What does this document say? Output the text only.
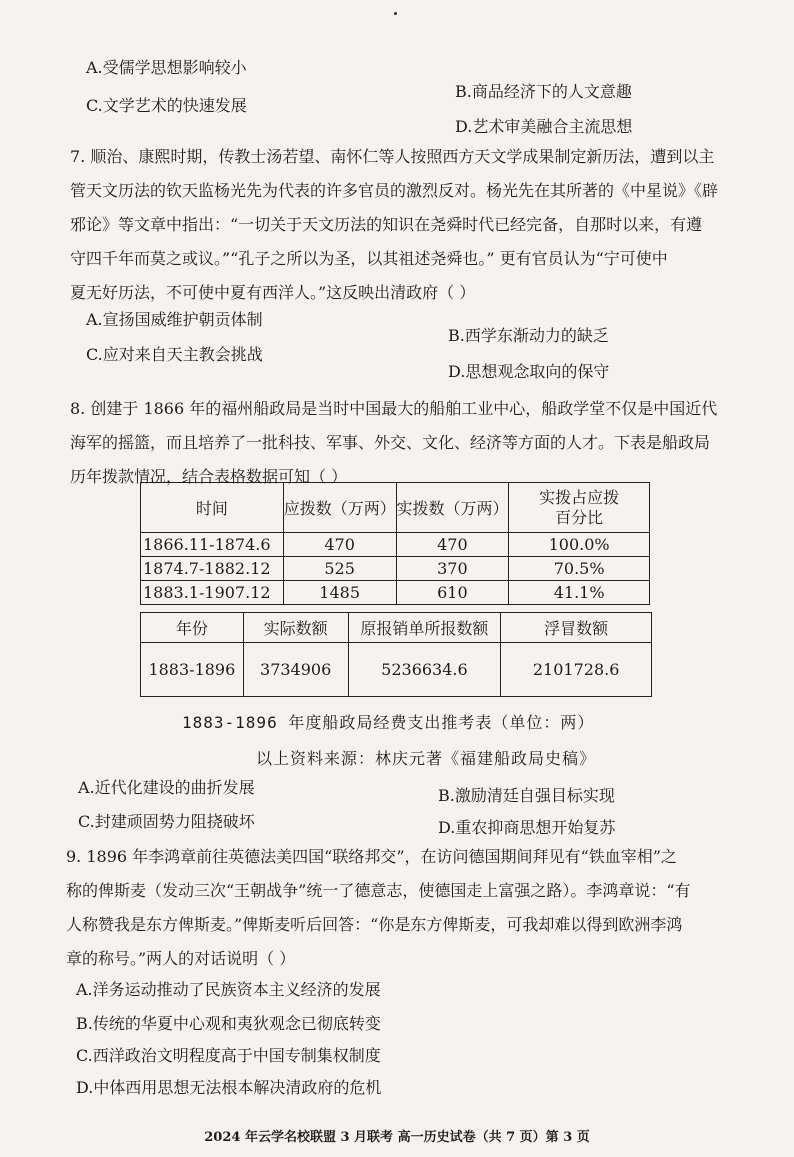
A.受儒学思想影响较小
B.商品经济下的人文意趣
C.文学艺术的快速发展
D.艺术审美融合主流思想
7. 顺治、康熙时期，传教士汤若望、南怀仁等人按照西方天文学成果制定新历法，遭到以主
管天文历法的钦天监杨光先为代表的许多官员的激烈反对。杨光先在其所著的《中星说》《辟
邪论》等文章中指出：“一切关于天文历法的知识在尧舜时代已经完备，自那时以来，有遵
守四千年而莫之或议。”“孔子之所以为圣，以其祖述尧舜也。” 更有官员认为“宁可使中
夏无好历法，不可使中夏有西洋人。”这反映出清政府（ ）
A.宣扬国威维护朝贡体制
B.西学东渐动力的缺乏
C.应对来自天主教会挑战
D.思想观念取向的保守
8. 创建于 1866 年的福州船政局是当时中国最大的船舶工业中心，船政学堂不仅是中国近代
海军的摇篮，而且培养了一批科技、军事、外交、文化、经济等方面的人才。下表是船政局
历年拨款情况，结合表格数据可知（ ）
时间	应拨数（万两）	实拨数（万两）	实拨占应拨
百分比

1866.11-1874.6	470	470	100.0%
1874.7-1882.12	525	370	70.5%
1883.1-1907.12	1485	610	41.1%
年份	实际数额	原报销单所报数额	浮冒数额
1883-1896	3734906	5236634.6	2101728.6
1883-1896 年度船政局经费支出推考表（单位：两）
以上资料来源：林庆元著《福建船政局史稿》
A.近代化建设的曲折发展	B.激励清廷自强目标实现
C.封建顽固势力阻挠破坏	D.重农抑商思想开始复苏
9. 1896 年李鸿章前往英德法美四国“联络邦交”，在访问德国期间拜见有“铁血宰相”之
称的俾斯麦（发动三次“王朝战争”统一了德意志，使德国走上富强之路）。李鸿章说：“有
人称赞我是东方俾斯麦。”俾斯麦听后回答：“你是东方俾斯麦，可我却难以得到欧洲李鸿
章的称号。”两人的对话说明（ ）
A.洋务运动推动了民族资本主义经济的发展
B.传统的华夏中心观和夷狄观念已彻底转变
C.西洋政治文明程度高于中国专制集权制度
D.中体西用思想无法根本解决清政府的危机
2024 年云学名校联盟 3 月联考 高一历史试卷（共 7 页）第 3 页
